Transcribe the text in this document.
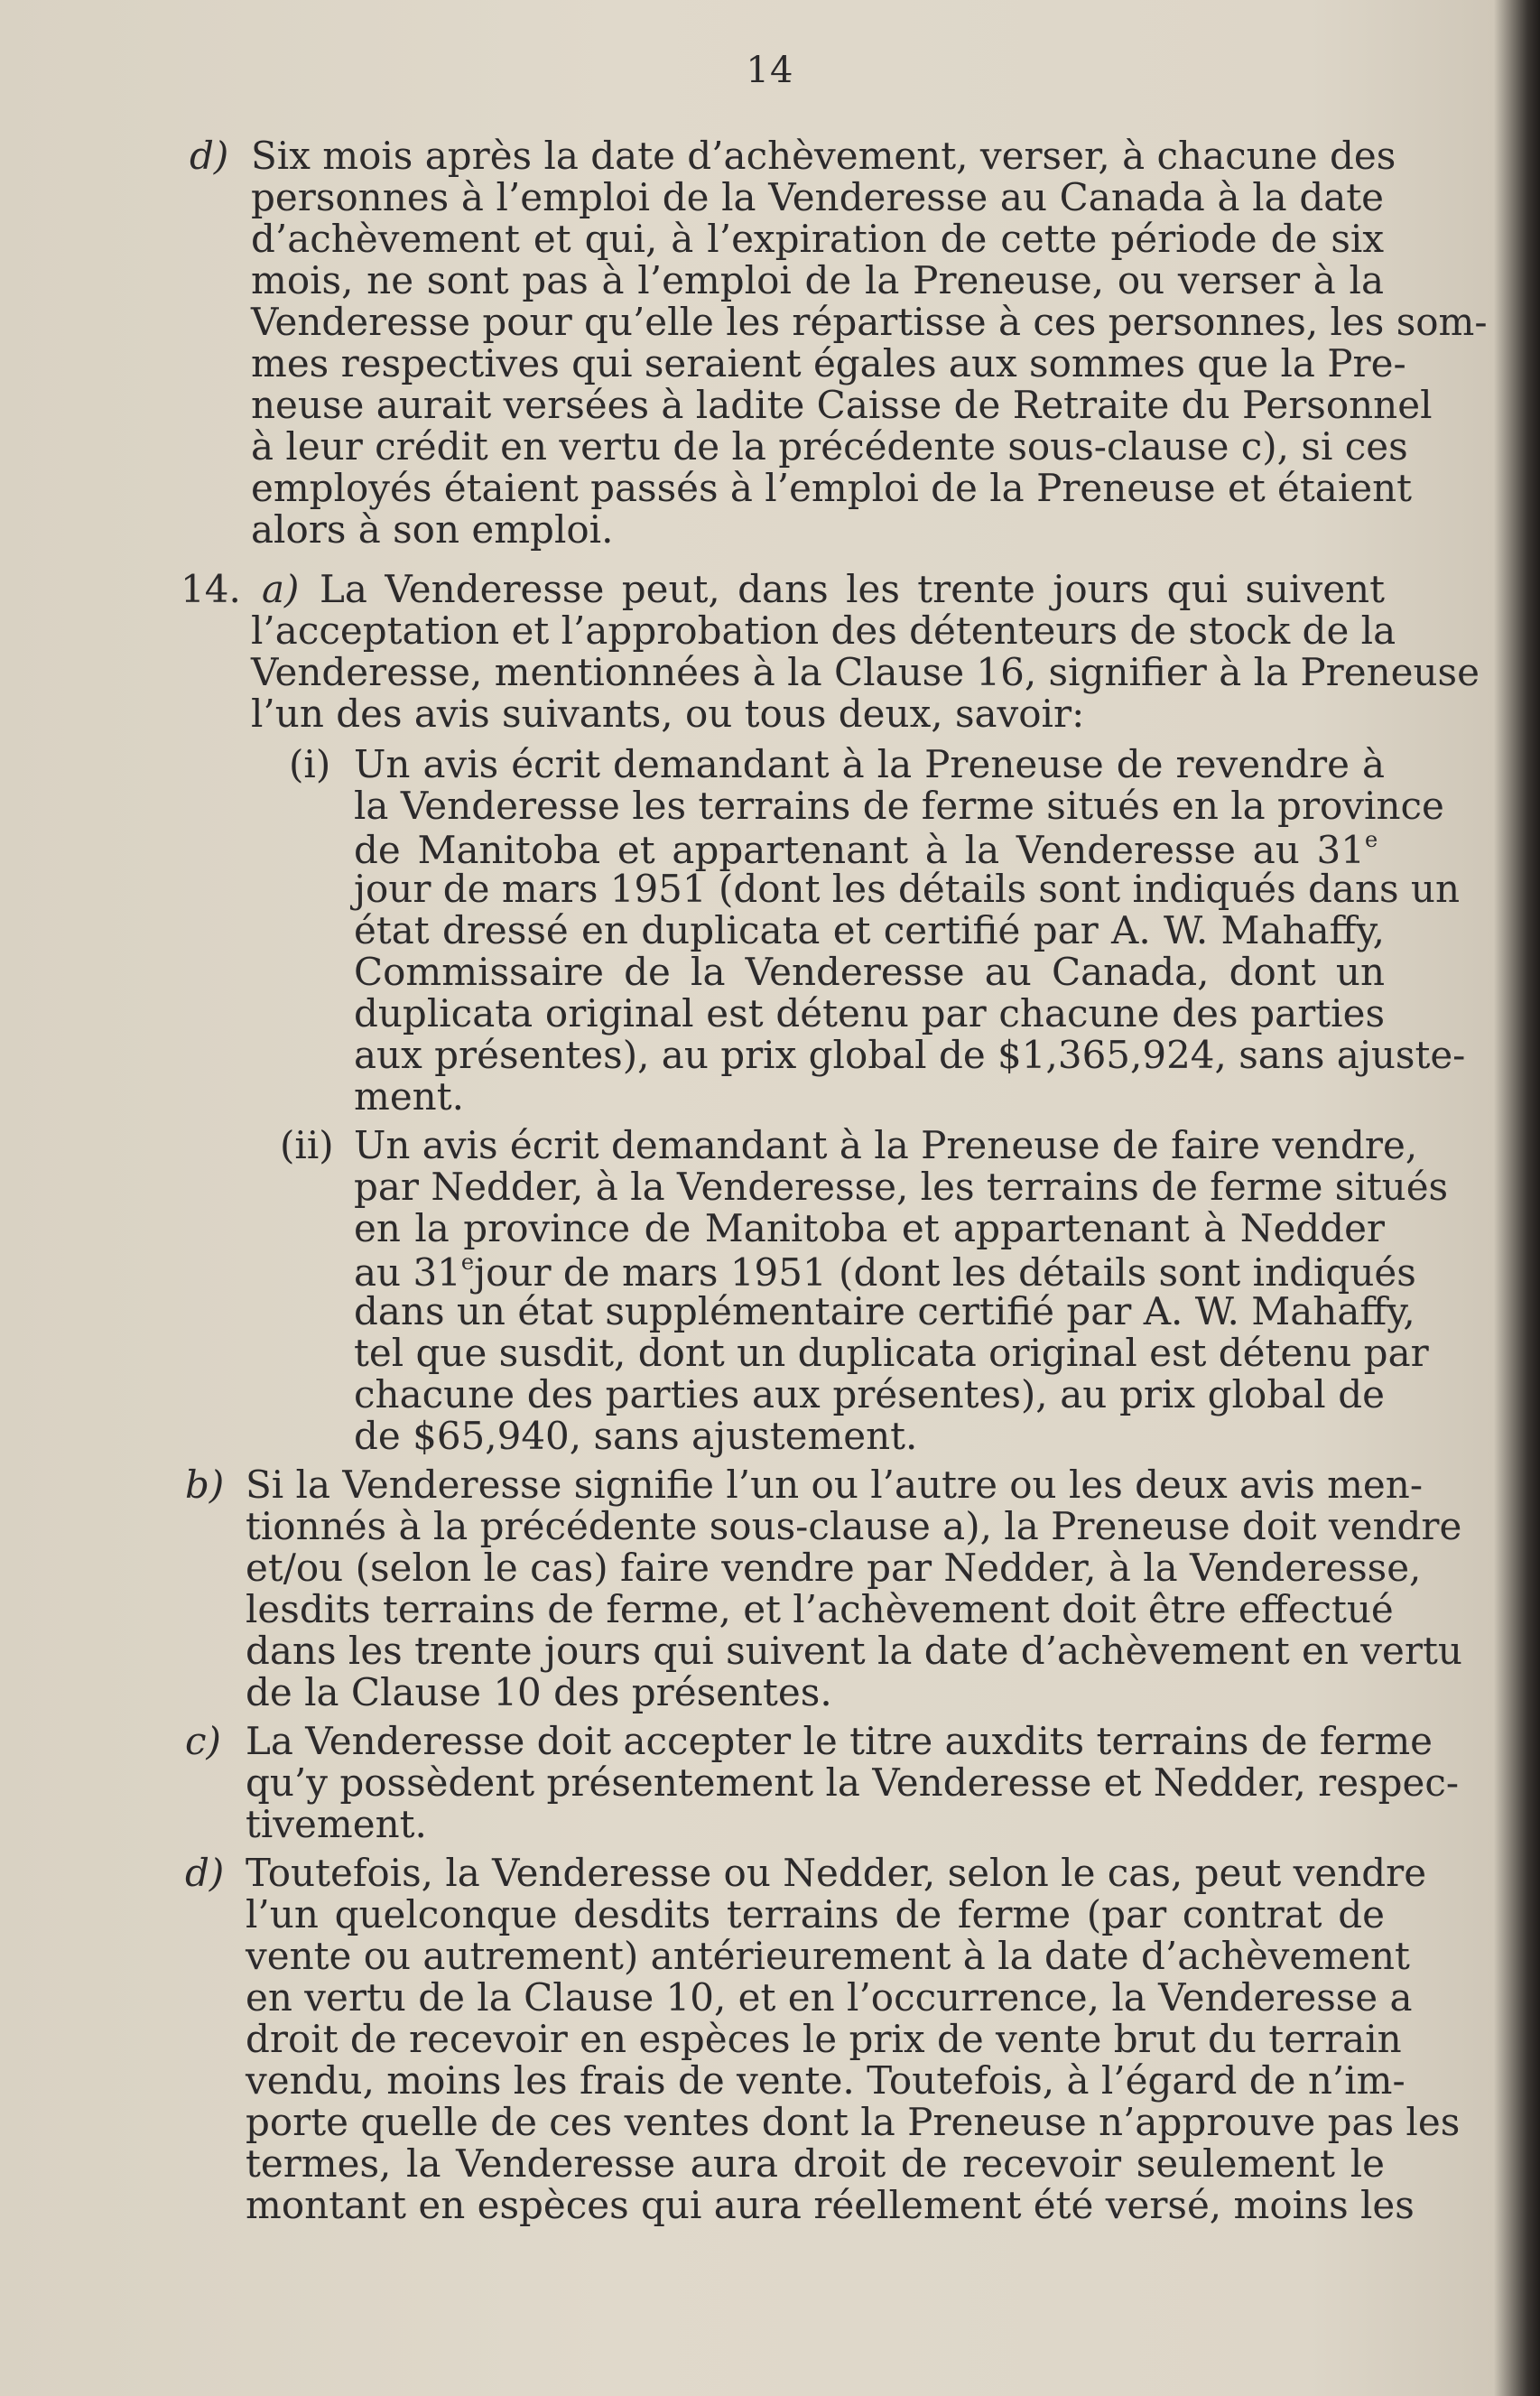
14
d) Six mois après la date d’achèvement, verser, à chacune des
personnes à l’emploi de la Venderesse au Canada à la date
d’achèvement et qui, à l’expiration de cette période de six
mois, ne sont pas à l’emploi de la Preneuse, ou verser à la
Venderesse pour qu’elle les répartisse à ces personnes, les som-
mes respectives qui seraient égales aux sommes que la Pre-
neuse aurait versées à ladite Caisse de Retraite du Personnel
à leur crédit en vertu de la précédente sous-clause c), si ces
employés étaient passés à l’emploi de la Preneuse et étaient
alors à son emploi.
14. a) La Venderesse peut, dans les trente jours qui suivent
l’acceptation et l’approbation des détenteurs de stock de la
Venderesse, mentionnées à la Clause 16, signifier à la Preneuse
l’un des avis suivants, ou tous deux, savoir:
(i) Un avis écrit demandant à la Preneuse de revendre à
la Venderesse les terrains de ferme situés en la province
de Manitoba et appartenant à la Venderesse au 31e
jour de mars 1951 (dont les détails sont indiqués dans un
état dressé en duplicata et certifié par A. W. Mahaffy,
Commissaire de la Venderesse au Canada, dont un
duplicata original est détenu par chacune des parties
aux présentes), au prix global de $1,365,924, sans ajuste-
ment.
(ii) Un avis écrit demandant à la Preneuse de faire vendre,
par Nedder, à la Venderesse, les terrains de ferme situés
en la province de Manitoba et appartenant à Nedder
au 31ejour de mars 1951 (dont les détails sont indiqués
dans un état supplémentaire certifié par A. W. Mahaffy,
tel que susdit, dont un duplicata original est détenu par
chacune des parties aux présentes), au prix global de
de $65,940, sans ajustement.
b) Si la Venderesse signifie l’un ou l’autre ou les deux avis men-
tionnés à la précédente sous-clause a), la Preneuse doit vendre
et/ou (selon le cas) faire vendre par Nedder, à la Venderesse,
lesdits terrains de ferme, et l’achèvement doit être effectué
dans les trente jours qui suivent la date d’achèvement en vertu
de la Clause 10 des présentes.
c) La Venderesse doit accepter le titre auxdits terrains de ferme
qu’y possèdent présentement la Venderesse et Nedder, respec-
tivement.
d) Toutefois, la Venderesse ou Nedder, selon le cas, peut vendre
l’un quelconque desdits terrains de ferme (par contrat de
vente ou autrement) antérieurement à la date d’achèvement
en vertu de la Clause 10, et en l’occurrence, la Venderesse a
droit de recevoir en espèces le prix de vente brut du terrain
vendu, moins les frais de vente. Toutefois, à l’égard de n’im-
porte quelle de ces ventes dont la Preneuse n’approuve pas les
termes, la Venderesse aura droit de recevoir seulement le
montant en espèces qui aura réellement été versé, moins les
